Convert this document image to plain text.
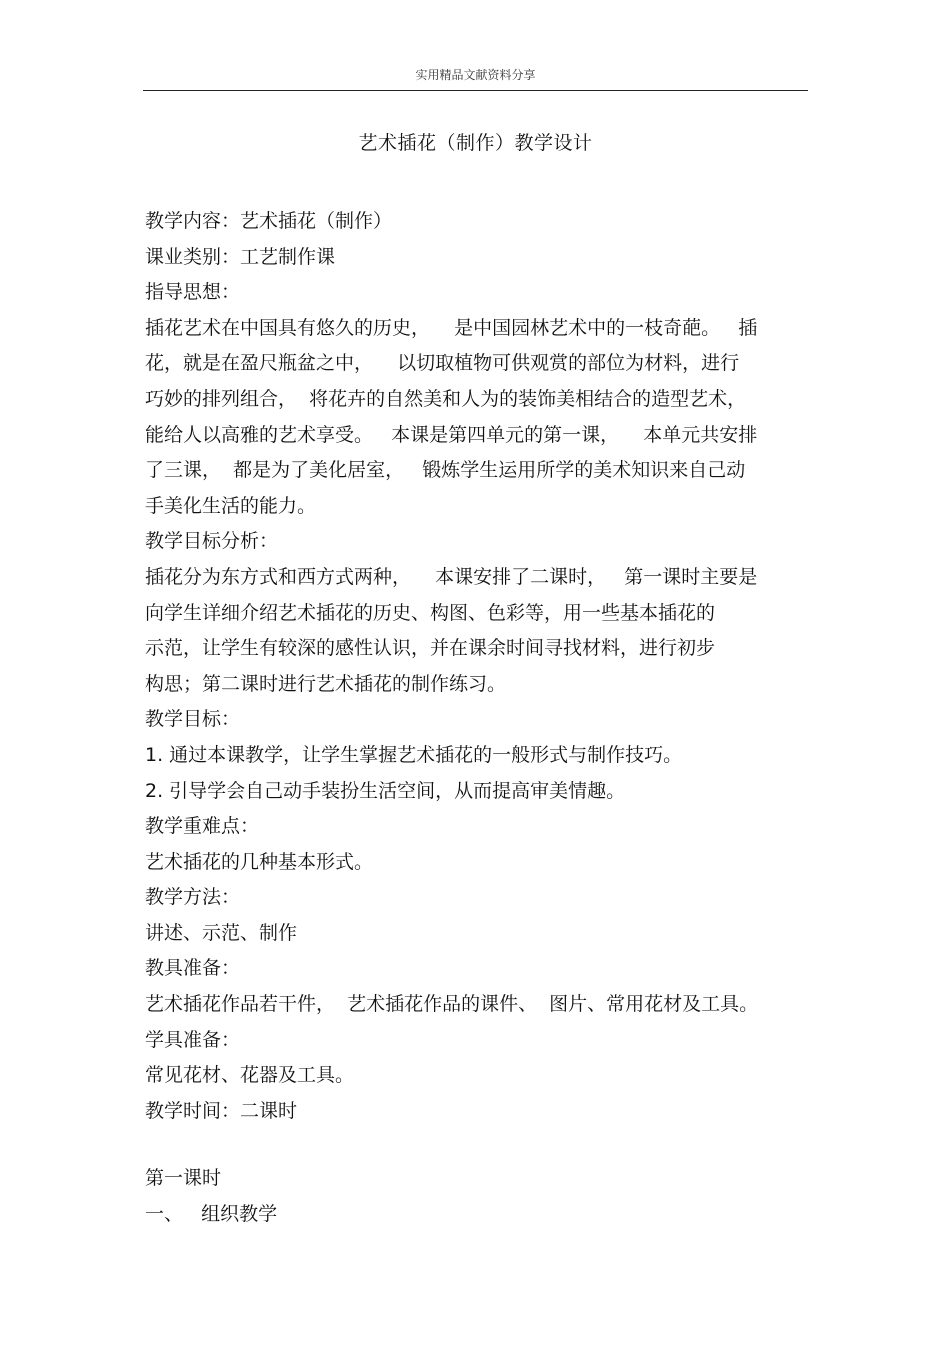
实用精品文献资料分享
艺术插花（制作）教学设计
教学内容：艺术插花（制作）
课业类别：工艺制作课
指导思想：
插花艺术在中国具有悠久的历史，    是中国园林艺术中的一枝奇葩。   插
花，就是在盈尺瓶盆之中，    以切取植物可供观赏的部位为材料，进行
巧妙的排列组合，  将花卉的自然美和人为的装饰美相结合的造型艺术，
能给人以高雅的艺术享受。   本课是第四单元的第一课，    本单元共安排
了三课，  都是为了美化居室，   锻炼学生运用所学的美术知识来自己动
手美化生活的能力。
教学目标分析：
插花分为东方式和西方式两种，    本课安排了二课时，   第一课时主要是
向学生详细介绍艺术插花的历史、构图、色彩等，用一些基本插花的
示范，让学生有较深的感性认识，并在课余时间寻找材料，进行初步
构思；第二课时进行艺术插花的制作练习。
教学目标：
1. 通过本课教学，让学生掌握艺术插花的一般形式与制作技巧。
2. 引导学会自己动手装扮生活空间，从而提高审美情趣。
教学重难点：
艺术插花的几种基本形式。
教学方法：
讲述、示范、制作
教具准备：
艺术插花作品若干件，  艺术插花作品的课件、  图片、常用花材及工具。
学具准备：
常见花材、花器及工具。
教学时间：二课时
第一课时
一、   组织教学
